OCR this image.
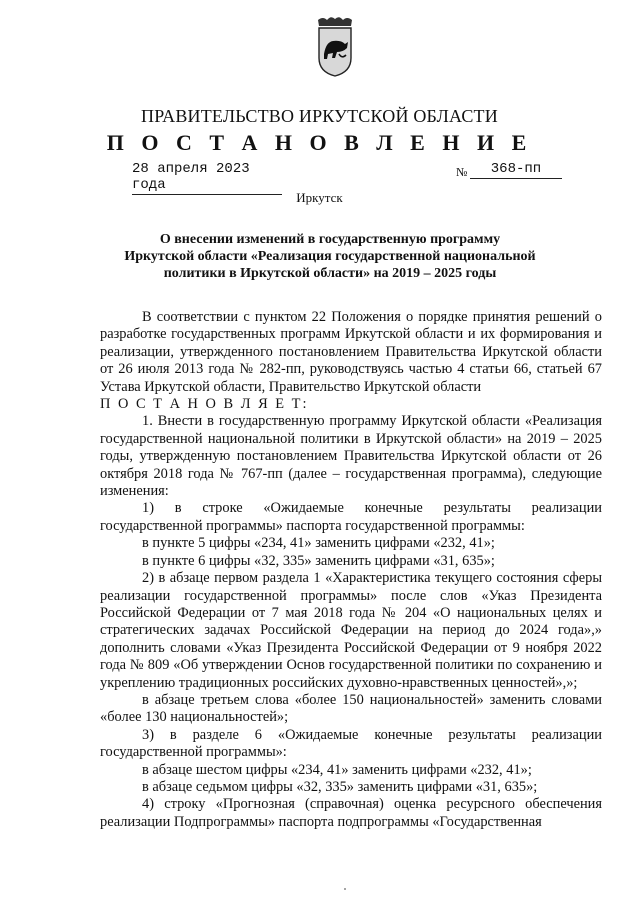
ПРАВИТЕЛЬСТВО ИРКУТСКОЙ ОБЛАСТИ
П О С Т А Н О В Л Е Н И Е
28 апреля 2023 года
№	368-пп
Иркутск
О внесении изменений в государственную программу
Иркутской области «Реализация государственной национальной
политики в Иркутской области» на 2019 – 2025 годы

В соответствии с пунктом 22 Положения о порядке принятия решений о разработке государственных программ Иркутской области и их формирования и реализации, утвержденного постановлением Правительства Иркутской области от 26 июля 2013 года № 282-пп, руководствуясь частью 4 статьи 66, статьей 67 Устава Иркутской области, Правительство Иркутской области

П О С Т А Н О В Л Я Е Т:

1. Внести в государственную программу Иркутской области «Реализация государственной национальной политики в Иркутской области» на 2019 – 2025 годы, утвержденную постановлением Правительства Иркутской области от 26 октября 2018 года № 767-пп (далее – государственная программа), следующие изменения:

1) в строке «Ожидаемые конечные результаты реализации государственной программы» паспорта государственной программы:

в пункте 5 цифры «234, 41» заменить цифрами «232, 41»;

в пункте 6 цифры «32, 335» заменить цифрами «31, 635»;

2) в абзаце первом раздела 1 «Характеристика текущего состояния сферы реализации государственной программы» после слов «Указ Президента Российской Федерации от 7 мая 2018 года № 204 «О национальных целях и стратегических задачах Российской Федерации на период до 2024 года»,» дополнить словами «Указ Президента Российской Федерации от 9 ноября 2022 года № 809 «Об утверждении Основ государственной политики по сохранению и укреплению традиционных российских духовно-нравственных ценностей»,»;

в абзаце третьем слова «более 150 национальностей» заменить словами «более 130 национальностей»;

3) в разделе 6 «Ожидаемые конечные результаты реализации государственной программы»:

в абзаце шестом цифры «234, 41» заменить цифрами «232, 41»;

в абзаце седьмом цифры «32, 335» заменить цифрами «31, 635»;

4) строку «Прогнозная (справочная) оценка ресурсного обеспечения реализации Подпрограммы» паспорта подпрограммы «Государственная
